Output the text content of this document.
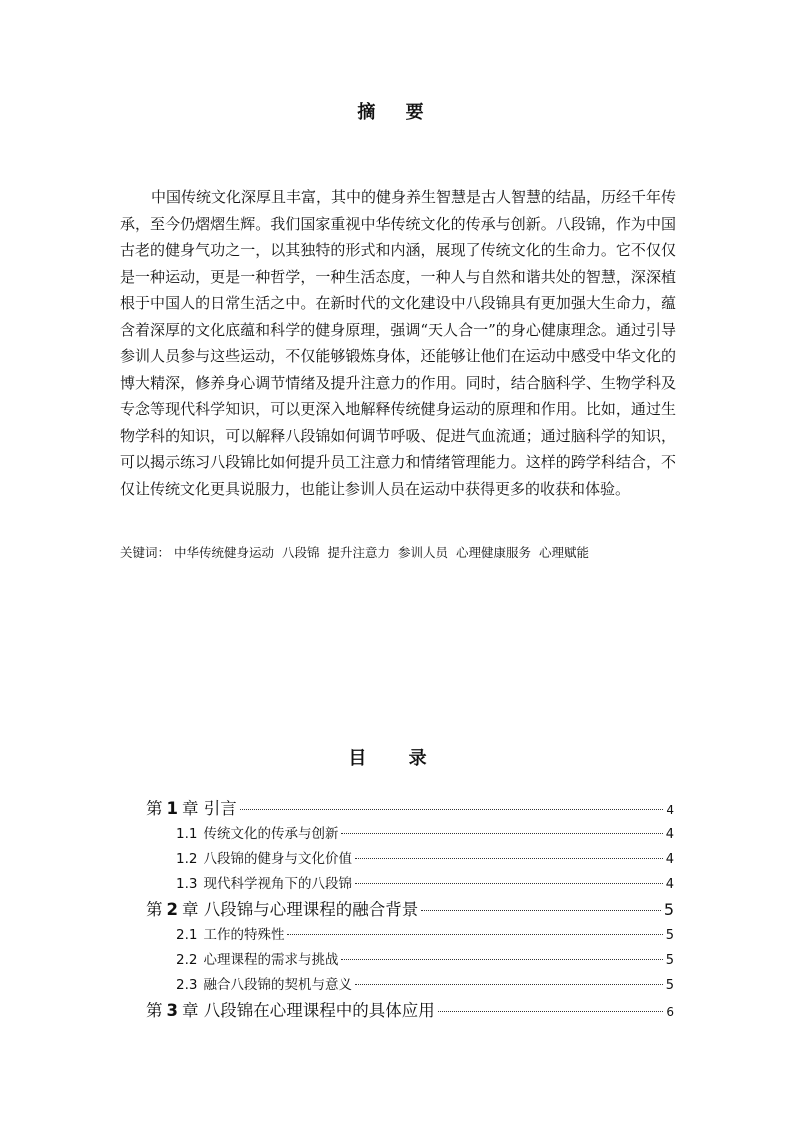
摘 要

中国传统文化深厚且丰富，其中的健身养生智慧是古人智慧的结晶，历经千年传承，至今仍熠熠生辉。我们国家重视中华传统文化的传承与创新。八段锦，作为中国古老的健身气功之一，以其独特的形式和内涵，展现了传统文化的生命力。它不仅仅是一种运动，更是一种哲学，一种生活态度，一种人与自然和谐共处的智慧，深深植根于中国人的日常生活之中。在新时代的文化建设中八段锦具有更加强大生命力，蕴含着深厚的文化底蕴和科学的健身原理，强调“天人合一”的身心健康理念。通过引导参训人员参与这些运动，不仅能够锻炼身体，还能够让他们在运动中感受中华文化的博大精深，修养身心调节情绪及提升注意力的作用。同时，结合脑科学、生物学科及专念等现代科学知识，可以更深入地解释传统健身运动的原理和作用。比如，通过生物学科的知识，可以解释八段锦如何调节呼吸、促进气血流通；通过脑科学的知识，可以揭示练习八段锦比如何提升员工注意力和情绪管理能力。这样的跨学科结合，不仅让传统文化更具说服力，也能让参训人员在运动中获得更多的收获和体验。

关键词： 中华传统健身运动 八段锦 提升注意力 参训人员 心理健康服务 心理赋能
目 录
第 1 章 引言	4
1.1 传统文化的传承与创新	4
1.2 八段锦的健身与文化价值	4
1.3 现代科学视角下的八段锦	4
第 2 章 八段锦与心理课程的融合背景	5
2.1 工作的特殊性	5
2.2 心理课程的需求与挑战	5
2.3 融合八段锦的契机与意义	5
第 3 章 八段锦在心理课程中的具体应用	6
